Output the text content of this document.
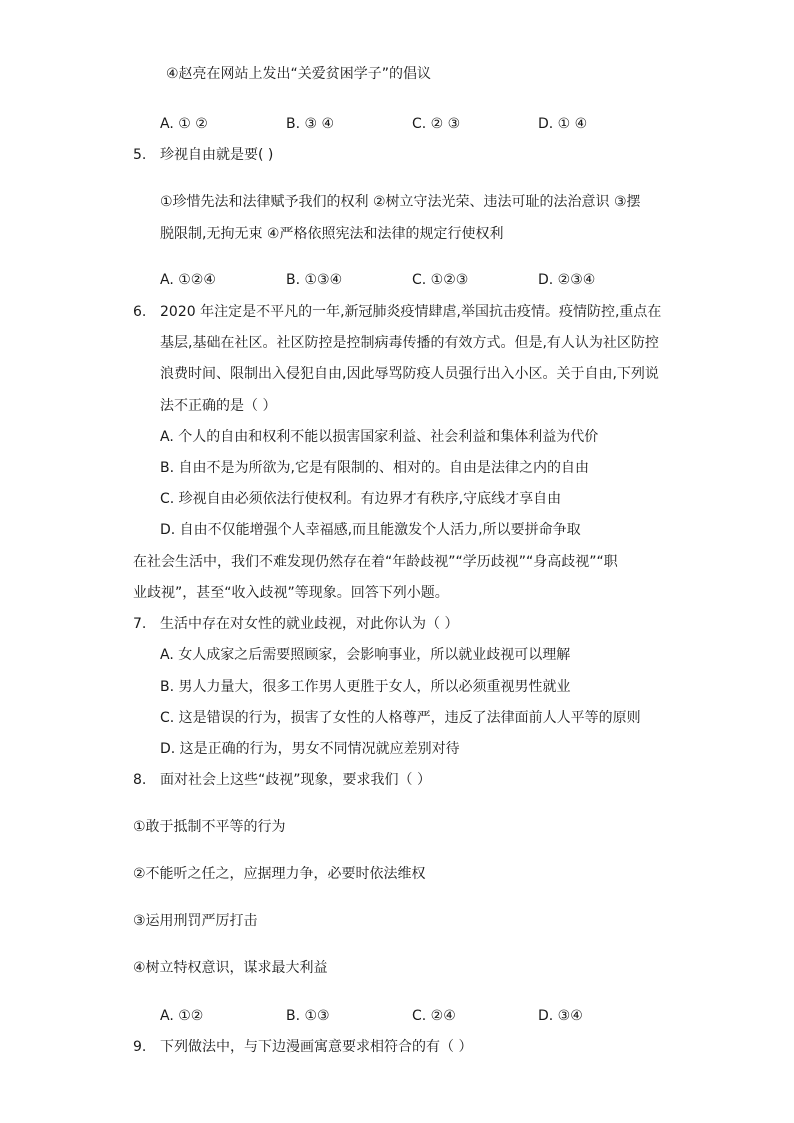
④赵亮在网站上发出“关爱贫困学子”的倡议
A. ① ②	B. ③ ④	C. ② ③	D. ① ④
5. 珍视自由就是要( )
①珍惜先法和法律赋予我们的权利 ②树立守法光荣、违法可耻的法治意识 ③摆
脱限制,无拘无束 ④严格依照宪法和法律的规定行使权利
A. ①②④	B. ①③④	C. ①②③	D. ②③④
6. 2020 年注定是不平凡的一年,新冠肺炎疫情肆虐,举国抗击疫情。疫情防控,重点在
基层,基础在社区。社区防控是控制病毒传播的有效方式。但是,有人认为社区防控
浪费时间、限制出入侵犯自由,因此辱骂防疫人员强行出入小区。关于自由,下列说
法不正确的是（ ）
A. 个人的自由和权利不能以损害国家利益、社会利益和集体利益为代价
B. 自由不是为所欲为,它是有限制的、相对的。自由是法律之内的自由
C. 珍视自由必须依法行使权利。有边界才有秩序,守底线才享自由
D. 自由不仅能增强个人幸福感,而且能激发个人活力,所以要拼命争取
在社会生活中，我们不难发现仍然存在着“年龄歧视”“学历歧视”“身高歧视”“职
业歧视”，甚至“收入歧视”等现象。回答下列小题。
7. 生活中存在对女性的就业歧视，对此你认为（ ）
A. 女人成家之后需要照顾家，会影响事业，所以就业歧视可以理解
B. 男人力量大，很多工作男人更胜于女人，所以必须重视男性就业
C. 这是错误的行为，损害了女性的人格尊严，违反了法律面前人人平等的原则
D. 这是正确的行为，男女不同情况就应差别对待
8. 面对社会上这些“歧视”现象，要求我们（ ）
①敢于抵制不平等的行为
②不能听之任之，应据理力争，必要时依法维权
③运用刑罚严厉打击
④树立特权意识，谋求最大利益
A. ①②	B. ①③	C. ②④	D. ③④
9. 下列做法中，与下边漫画寓意要求相符合的有（ ）
